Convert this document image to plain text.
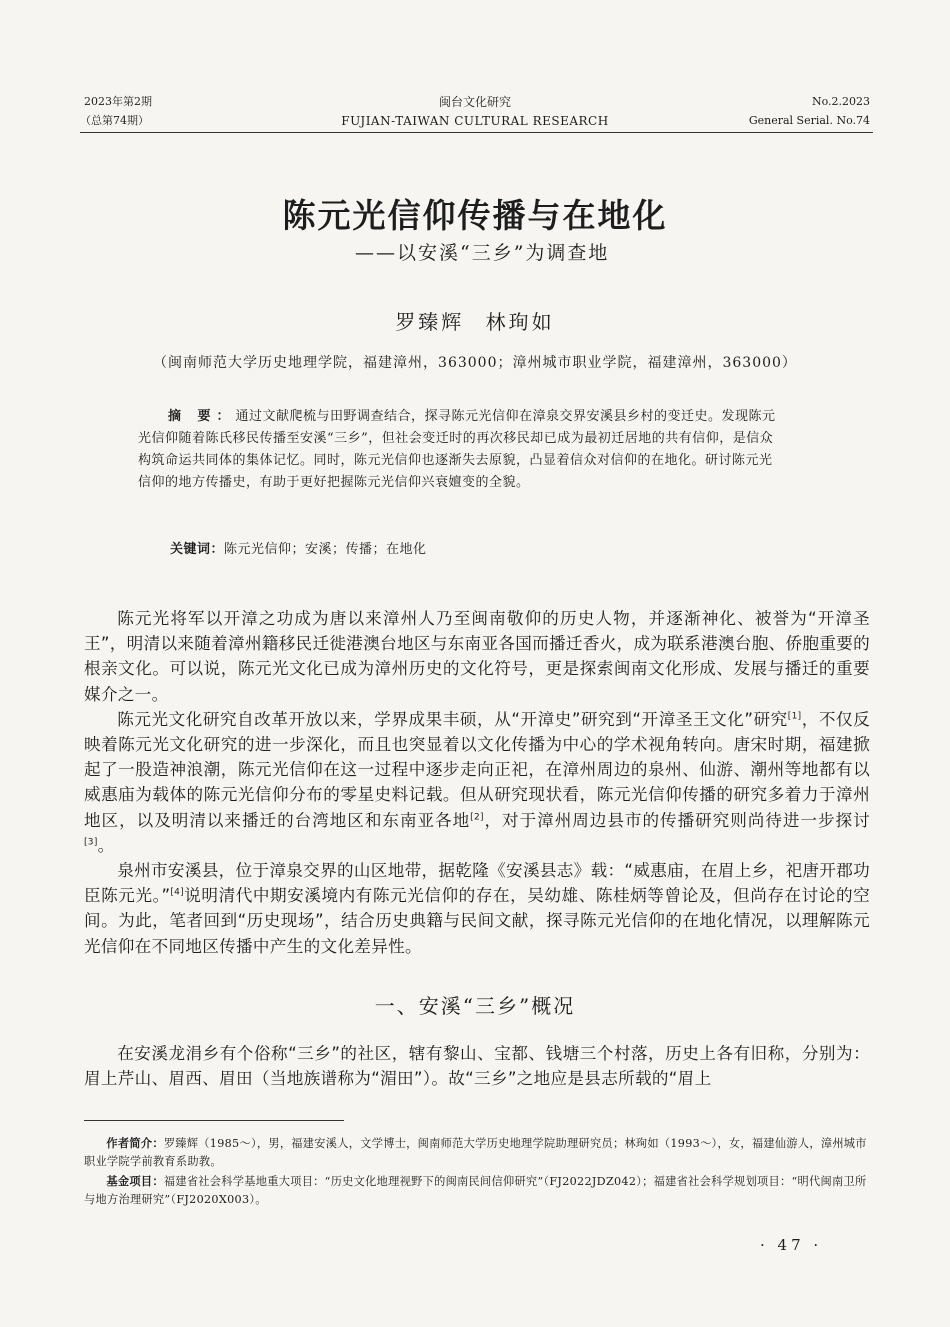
2023年第2期
（总第74期）
闽台文化研究
FUJIAN-TAIWAN CULTURAL RESEARCH
No.2.2023
General Serial. No.74
陈元光信仰传播与在地化
——以安溪“三乡”为调查地
罗臻辉 林珣如
（闽南师范大学历史地理学院，福建漳州，363000；漳州城市职业学院，福建漳州，363000）
摘 要：通过文献爬梳与田野调查结合，探寻陈元光信仰在漳泉交界安溪县乡村的变迁史。发现陈元光信仰随着陈氏移民传播至安溪“三乡”，但社会变迁时的再次移民却已成为最初迁居地的共有信仰，是信众构筑命运共同体的集体记忆。同时，陈元光信仰也逐渐失去原貌，凸显着信众对信仰的在地化。研讨陈元光信仰的地方传播史，有助于更好把握陈元光信仰兴衰嬗变的全貌。
关键词：陈元光信仰；安溪；传播；在地化

陈元光将军以开漳之功成为唐以来漳州人乃至闽南敬仰的历史人物，并逐渐神化、被誉为“开漳圣王”，明清以来随着漳州籍移民迁徙港澳台地区与东南亚各国而播迁香火，成为联系港澳台胞、侨胞重要的根亲文化。可以说，陈元光文化已成为漳州历史的文化符号，更是探索闽南文化形成、发展与播迁的重要媒介之一。

陈元光文化研究自改革开放以来，学界成果丰硕，从“开漳史”研究到“开漳圣王文化”研究[1]，不仅反映着陈元光文化研究的进一步深化，而且也突显着以文化传播为中心的学术视角转向。唐宋时期，福建掀起了一股造神浪潮，陈元光信仰在这一过程中逐步走向正祀，在漳州周边的泉州、仙游、潮州等地都有以威惠庙为载体的陈元光信仰分布的零星史料记载。但从研究现状看，陈元光信仰传播的研究多着力于漳州地区，以及明清以来播迁的台湾地区和东南亚各地[2]，对于漳州周边县市的传播研究则尚待进一步探讨[3]。

泉州市安溪县，位于漳泉交界的山区地带，据乾隆《安溪县志》载：“威惠庙，在眉上乡，祀唐开郡功臣陈元光。”[4]说明清代中期安溪境内有陈元光信仰的存在，吴幼雄、陈桂炳等曾论及，但尚存在讨论的空间。为此，笔者回到“历史现场”，结合历史典籍与民间文献，探寻陈元光信仰的在地化情况，以理解陈元光信仰在不同地区传播中产生的文化差异性。

一、安溪“三乡”概况

在安溪龙涓乡有个俗称“三乡”的社区，辖有黎山、宝都、钱塘三个村落，历史上各有旧称，分别为：眉上芹山、眉西、眉田（当地族谱称为“湄田”）。故“三乡”之地应是县志所载的“眉上

作者简介：罗臻辉（1985～），男，福建安溪人，文学博士，闽南师范大学历史地理学院助理研究员；林珣如（1993～），女，福建仙游人，漳州城市职业学院学前教育系助教。
基金项目：福建省社会科学基地重大项目：“历史文化地理视野下的闽南民间信仰研究”（FJ2022JDZ042）；福建省社会科学规划项目：“明代闽南卫所与地方治理研究”（FJ2020X003）。
· 47 ·
